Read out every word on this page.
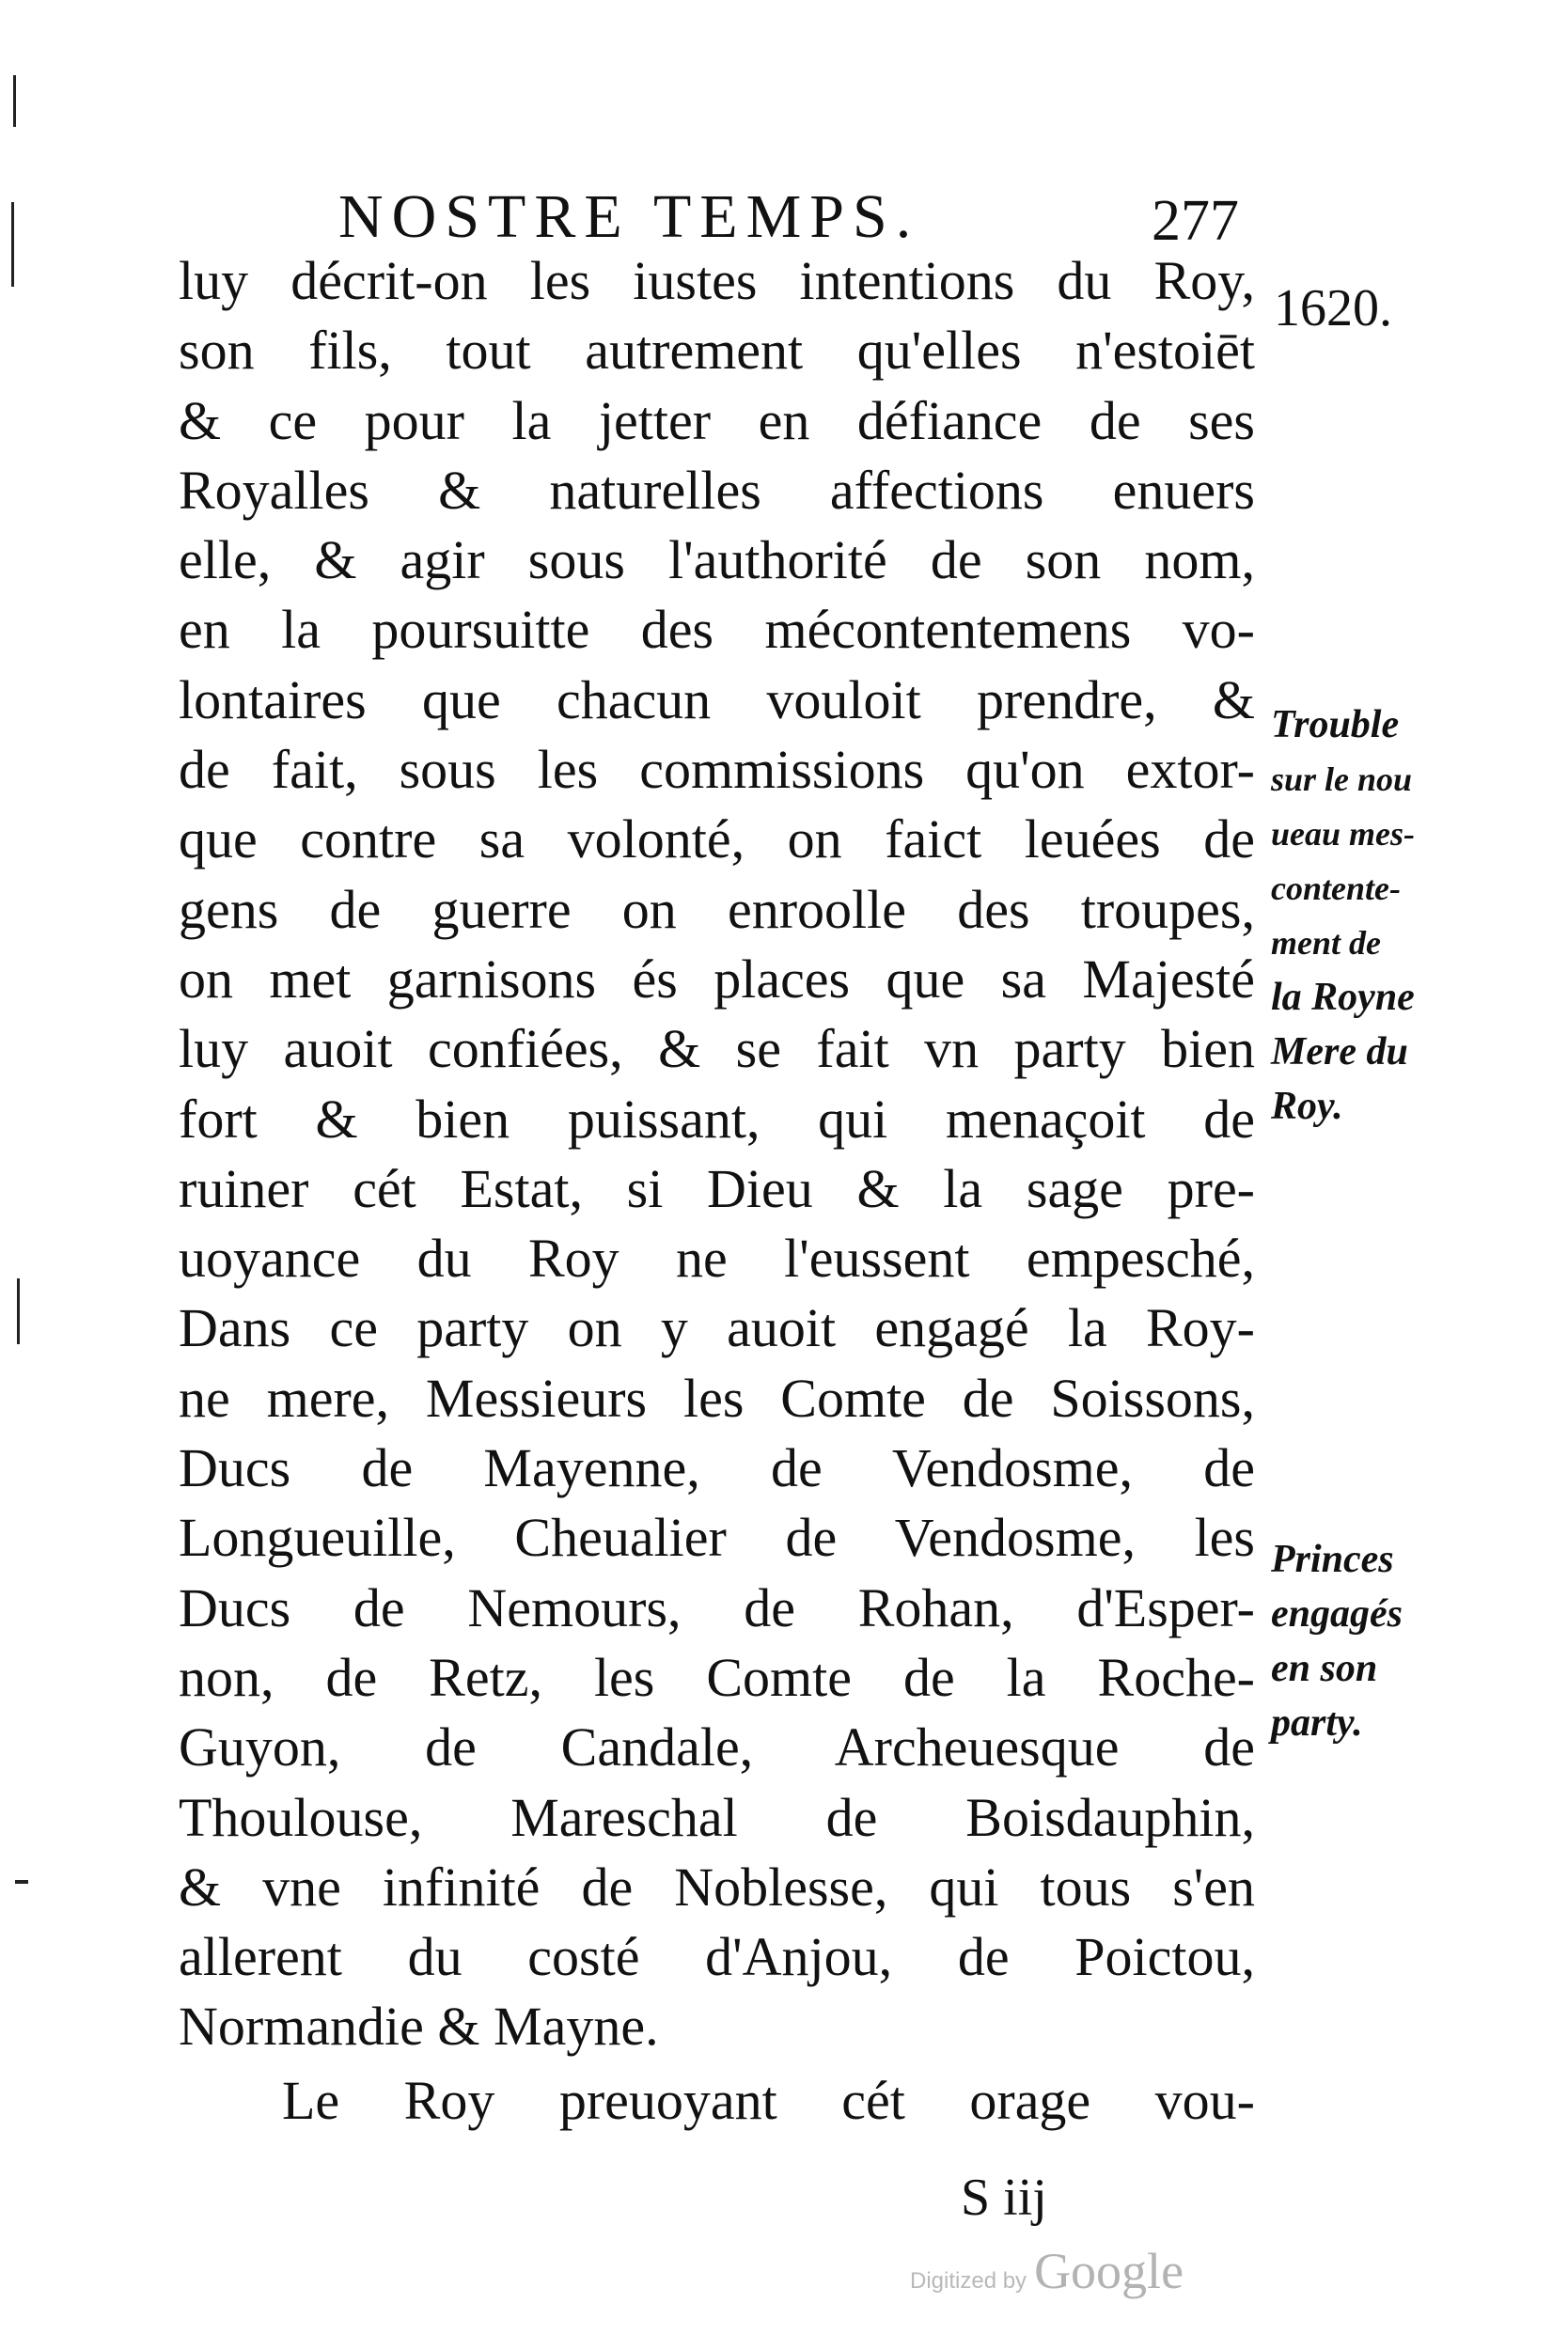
NOSTRE TEMPS.	277
1620.
Trouble
sur le nou
ueau mes-
contente-
ment de
la Royne
Mere du
Roy.
Princes
engagés
en son
party.
luy décrit-on les iustes intentions du Roy,
son fils, tout autrement qu'elles n'estoiēt
& ce pour la jetter en défiance de ses
Royalles & naturelles affections enuers
elle, & agir sous l'authorité de son nom,
en la poursuitte des mécontentemens vo-
lontaires que chacun vouloit prendre, &
de fait, sous les commissions qu'on extor-
que contre sa volonté, on faict leuées de
gens de guerre on enroolle des troupes,
on met garnisons és places que sa Majesté
luy auoit confiées, & se fait vn party bien
fort & bien puissant, qui menaçoit de
ruiner cét Estat, si Dieu & la sage pre-
uoyance du Roy ne l'eussent empesché,
Dans ce party on y auoit engagé la Roy-
ne mere, Messieurs les Comte de Soissons,
Ducs de Mayenne, de Vendosme, de
Longueuille, Cheualier de Vendosme, les
Ducs de Nemours, de Rohan, d'Esper-
non, de Retz, les Comte de la Roche-
Guyon, de Candale, Archeuesque de
Thoulouse, Mareschal de Boisdauphin,
& vne infinité de Noblesse, qui tous s'en
allerent du costé d'Anjou, de Poictou,
Normandie & Mayne.
Le Roy preuoyant cét orage vou-
S iij
Digitized by Google
